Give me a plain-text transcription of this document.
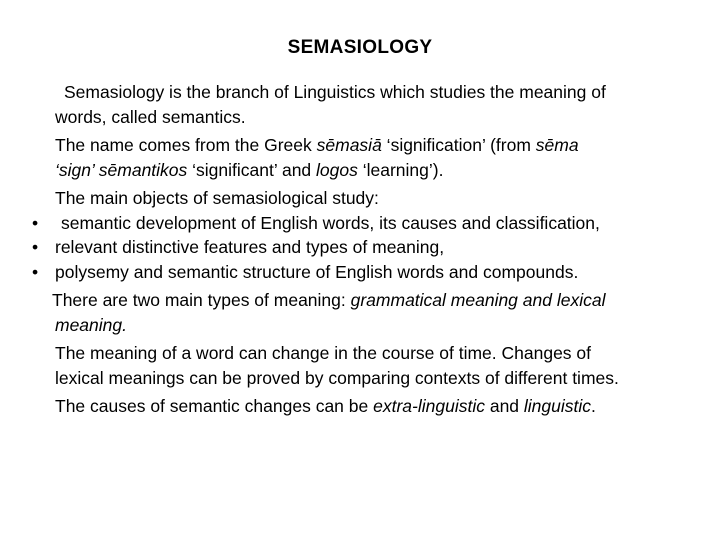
SEMASIOLOGY
Semasiology is the branch of Linguistics which studies the meaning of
words, called semantics.
The name comes from the Greek sēmasiā ‘signification’ (from sēma
‘sign’ sēmantikos ‘significant’ and logos ‘learning’).
The main objects of semasiological study:
• semantic development of English words, its causes and classification,
• relevant distinctive features and types of meaning,
• polysemy and semantic structure of English words and compounds.
There are two main types of meaning: grammatical meaning and lexical
meaning.
The meaning of a word can change in the course of time. Changes of
lexical meanings can be proved by comparing contexts of different times.
The causes of semantic changes can be extra-linguistic and linguistic.
